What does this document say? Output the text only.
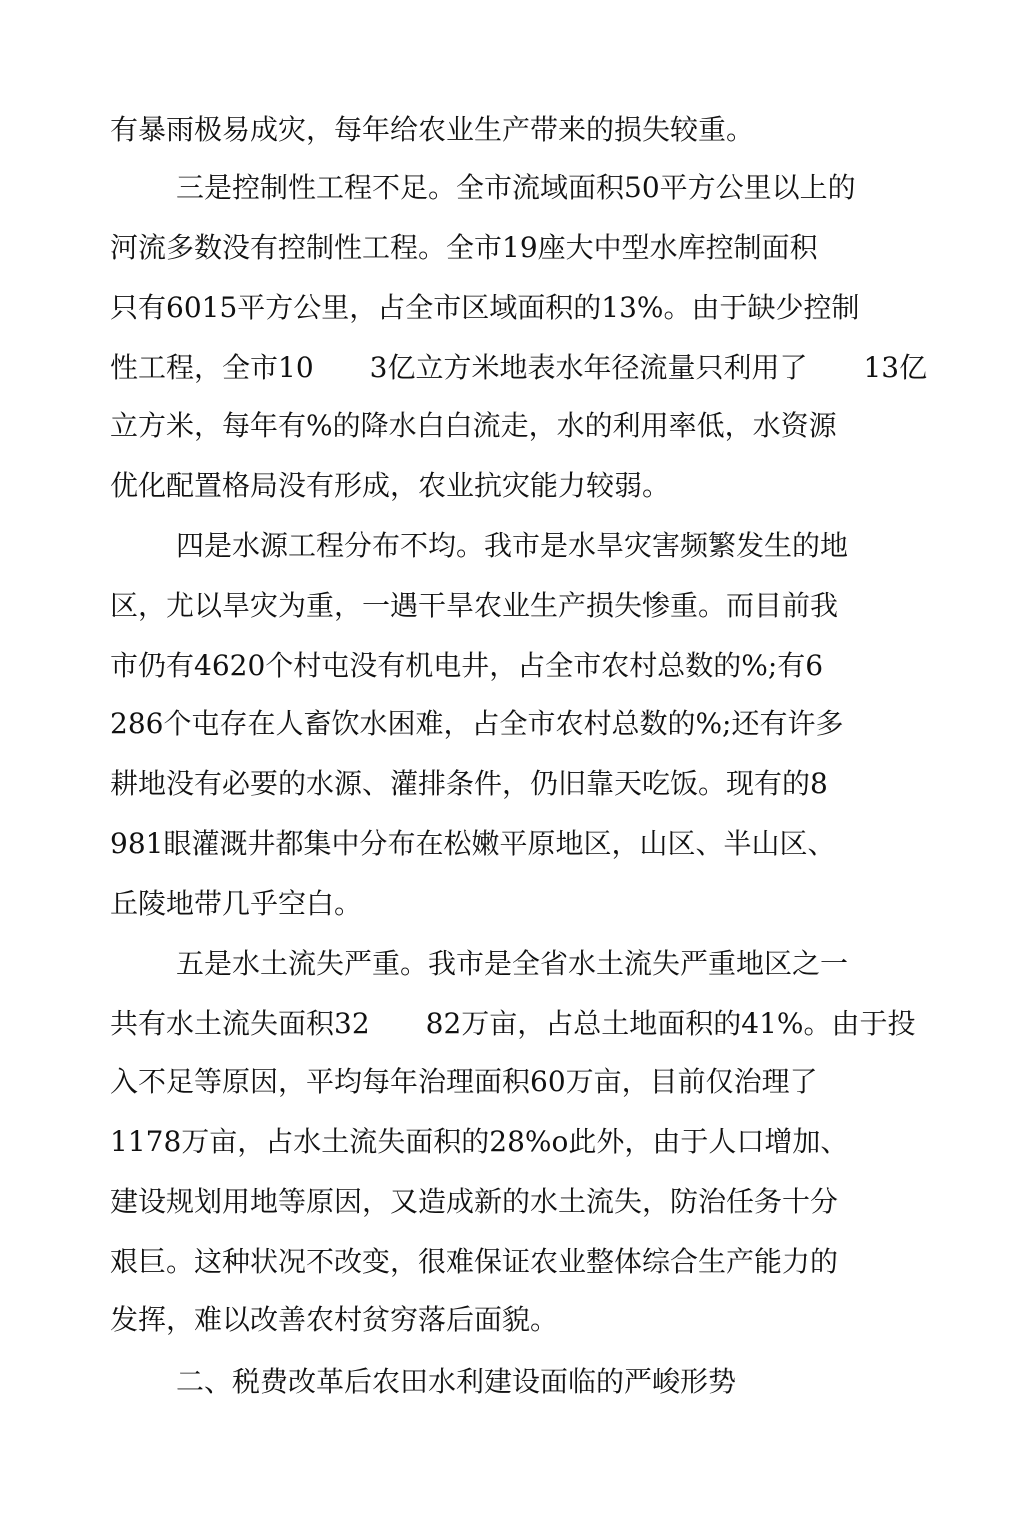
有暴雨极易成灾，每年给农业生产带来的损失较重。
三是控制性工程不足。全市流域面积50平方公里以上的
河流多数没有控制性工程。全市19座大中型水库控制面积
只有6015平方公里，占全市区域面积的13%。由于缺少控制
性工程，全市10　　3亿立方米地表水年径流量只利用了　　13亿
立方米，每年有%的降水白白流走，水的利用率低，水资源
优化配置格局没有形成，农业抗灾能力较弱。
四是水源工程分布不均。我市是水旱灾害频繁发生的地
区，尤以旱灾为重，一遇干旱农业生产损失惨重。而目前我
市仍有4620个村屯没有机电井，占全市农村总数的%;有6
286个屯存在人畜饮水困难，占全市农村总数的%;还有许多
耕地没有必要的水源、灌排条件，仍旧靠天吃饭。现有的8
981眼灌溉井都集中分布在松嫩平原地区，山区、半山区、
丘陵地带几乎空白。
五是水土流失严重。我市是全省水土流失严重地区之一
共有水土流失面积32　　82万亩，占总土地面积的41%。由于投
入不足等原因，平均每年治理面积60万亩，目前仅治理了
1178万亩，占水土流失面积的28%o此外，由于人口增加、
建设规划用地等原因，又造成新的水土流失，防治任务十分
艰巨。这种状况不改变，很难保证农业整体综合生产能力的
发挥，难以改善农村贫穷落后面貌。
二、税费改革后农田水利建设面临的严峻形势
